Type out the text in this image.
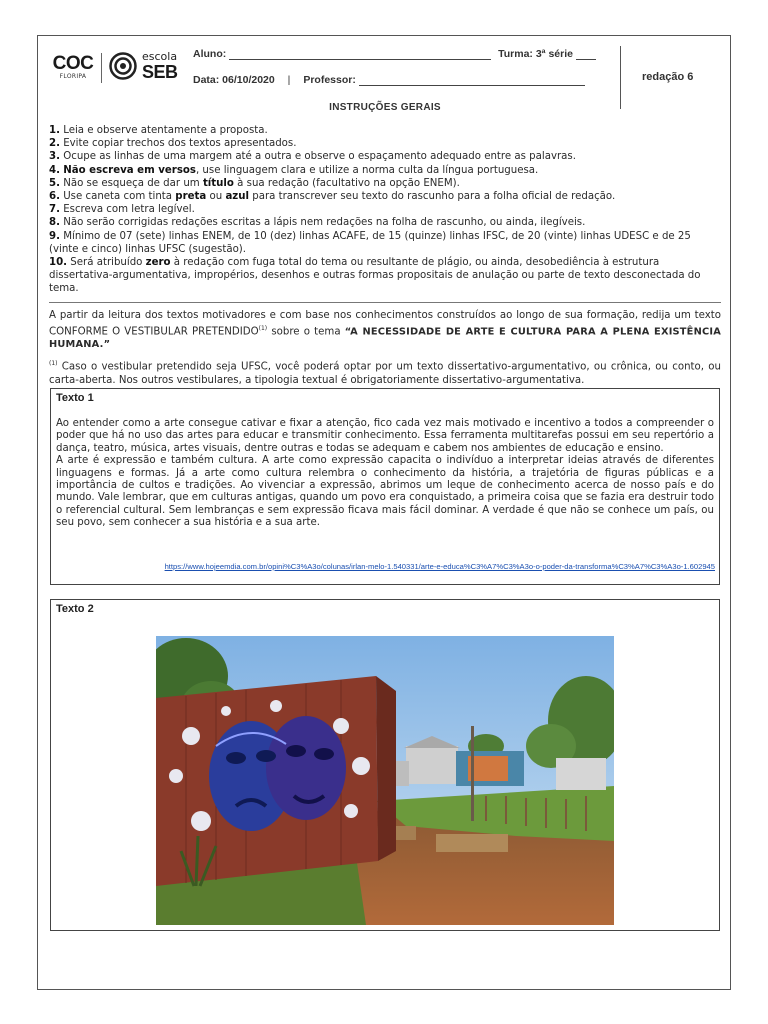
COC
FLORIPA
escola
SEB
Aluno:	Turma: 3ª série
Data: 06/10/2020 | Professor:	redação 6
INSTRUÇÕES GERAIS

1. Leia e observe atentamente a proposta.

2. Evite copiar trechos dos textos apresentados.

3. Ocupe as linhas de uma margem até a outra e observe o espaçamento adequado entre as palavras.

4. Não escreva em versos, use linguagem clara e utilize a norma culta da língua portuguesa.

5. Não se esqueça de dar um título à sua redação (facultativo na opção ENEM).

6. Use caneta com tinta preta ou azul para transcrever seu texto do rascunho para a folha oficial de redação.

7. Escreva com letra legível.

8. Não serão corrigidas redações escritas a lápis nem redações na folha de rascunho, ou ainda, ilegíveis.

9. Mínimo de 07 (sete) linhas ENEM, de 10 (dez) linhas ACAFE, de 15 (quinze) linhas IFSC, de 20 (vinte) linhas UDESC e de 25 (vinte e cinco) linhas UFSC (sugestão).

10. Será atribuído zero à redação com fuga total do tema ou resultante de plágio, ou ainda, desobediência à estrutura dissertativa-argumentativa, impropérios, desenhos e outras formas propositais de anulação ou parte de texto desconectada do tema.

A partir da leitura dos textos motivadores e com base nos conhecimentos construídos ao longo de sua formação, redija um texto CONFORME O VESTIBULAR PRETENDIDO$^{(1)}$ sobre o tema “A NECESSIDADE DE ARTE E CULTURA PARA A PLENA EXISTÊNCIA HUMANA.”
$^{(1)}$ Caso o vestibular pretendido seja UFSC, você poderá optar por um texto dissertativo-argumentativo, ou crônica, ou conto, ou carta-aberta. Nos outros vestibulares, a tipologia textual é obrigatoriamente dissertativo-argumentativa.
Texto 1

Ao entender como a arte consegue cativar e fixar a atenção, fico cada vez mais motivado e incentivo a todos a compreender o poder que há no uso das artes para educar e transmitir conhecimento. Essa ferramenta multitarefas possui em seu repertório a dança, teatro, música, artes visuais, dentre outras e todas se adequam e cabem nos ambientes de educação e ensino.

A arte é expressão e também cultura. A arte como expressão capacita o indivíduo a interpretar ideias através de diferentes linguagens e formas. Já a arte como cultura relembra o conhecimento da história, a trajetória de figuras públicas e a importância de cultos e tradições. Ao vivenciar a expressão, abrimos um leque de conhecimento acerca de nosso país e do mundo. Vale lembrar, que em culturas antigas, quando um povo era conquistado, a primeira coisa que se fazia era destruir todo o referencial cultural. Sem lembranças e sem expressão ficava mais fácil dominar. A verdade é que não se conhece um país, ou seu povo, sem conhecer a sua história e a sua arte.

https://www.hojeemdia.com.br/opini%C3%A3o/colunas/irlan-melo-1.540331/arte-e-educa%C3%A7%C3%A3o-o-poder-da-transforma%C3%A7%C3%A3o-1.602945
Texto 2
